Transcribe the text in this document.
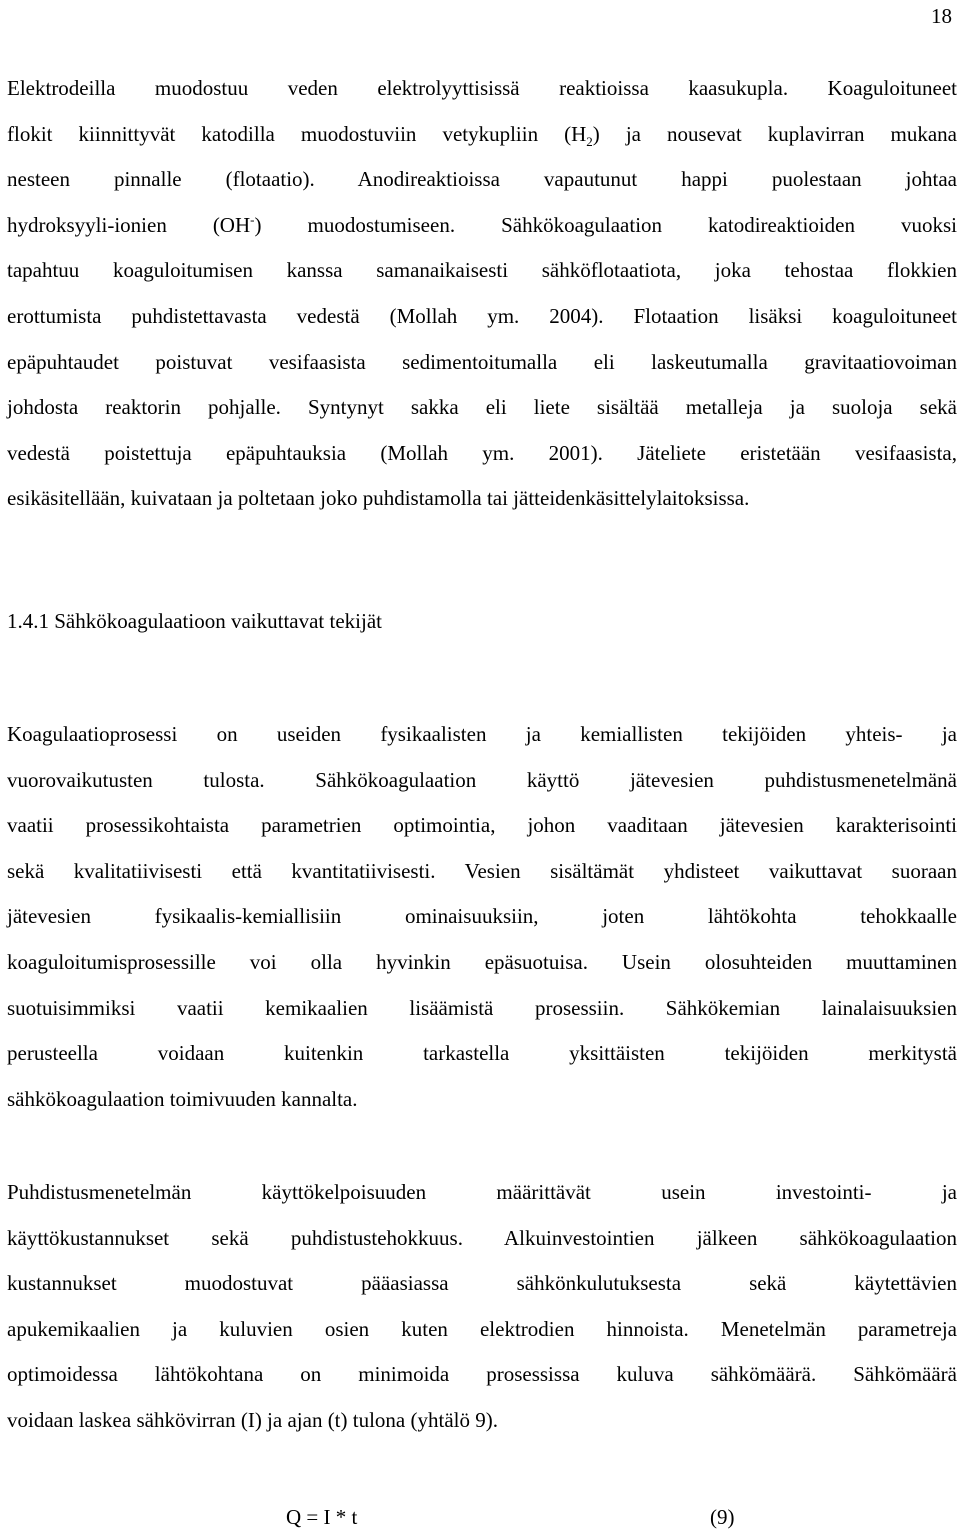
18
Elektrodeilla muodostuu veden elektrolyyttisissä reaktioissa kaasukupla. Koaguloituneet
flokit kiinnittyvät katodilla muodostuviin vetykupliin $(H_2)$ ja nousevat kuplavirran mukana
nesteen pinnalle (flotaatio). Anodireaktioissa vapautunut happi puolestaan johtaa
hydroksyyli-ionien (OH-) muodostumiseen. Sähkökoagulaation katodireaktioiden vuoksi
tapahtuu koaguloitumisen kanssa samanaikaisesti sähköflotaatiota, joka tehostaa flokkien
erottumista puhdistettavasta vedestä (Mollah ym. 2004). Flotaation lisäksi koaguloituneet
epäpuhtaudet poistuvat vesifaasista sedimentoitumalla eli laskeutumalla gravitaatiovoiman
johdosta reaktorin pohjalle. Syntynyt sakka eli liete sisältää metalleja ja suoloja sekä
vedestä poistettuja epäpuhtauksia (Mollah ym. 2001). Jäteliete eristetään vesifaasista,
esikäsitellään, kuivataan ja poltetaan joko puhdistamolla tai jätteidenkäsittelylaitoksissa.
1.4.1 Sähkökoagulaatioon vaikuttavat tekijät
Koagulaatioprosessi on useiden fysikaalisten ja kemiallisten tekijöiden yhteis- ja
vuorovaikutusten tulosta. Sähkökoagulaation käyttö jätevesien puhdistusmenetelmänä
vaatii prosessikohtaista parametrien optimointia, johon vaaditaan jätevesien karakterisointi
sekä kvalitatiivisesti että kvantitatiivisesti. Vesien sisältämät yhdisteet vaikuttavat suoraan
jätevesien fysikaalis-kemiallisiin ominaisuuksiin, joten lähtökohta tehokkaalle
koaguloitumisprosessille voi olla hyvinkin epäsuotuisa. Usein olosuhteiden muuttaminen
suotuisimmiksi vaatii kemikaalien lisäämistä prosessiin. Sähkökemian lainalaisuuksien
perusteella voidaan kuitenkin tarkastella yksittäisten tekijöiden merkitystä
sähkökoagulaation toimivuuden kannalta.
Puhdistusmenetelmän käyttökelpoisuuden määrittävät usein investointi- ja
käyttökustannukset sekä puhdistustehokkuus. Alkuinvestointien jälkeen sähkökoagulaation
kustannukset muodostuvat pääasiassa sähkönkulutuksesta sekä käytettävien
apukemikaalien ja kuluvien osien kuten elektrodien hinnoista. Menetelmän parametreja
optimoidessa lähtökohtana on minimoida prosessissa kuluva sähkömäärä. Sähkömäärä
voidaan laskea sähkövirran (I) ja ajan (t) tulona (yhtälö 9).
Q = I * t	(9)
